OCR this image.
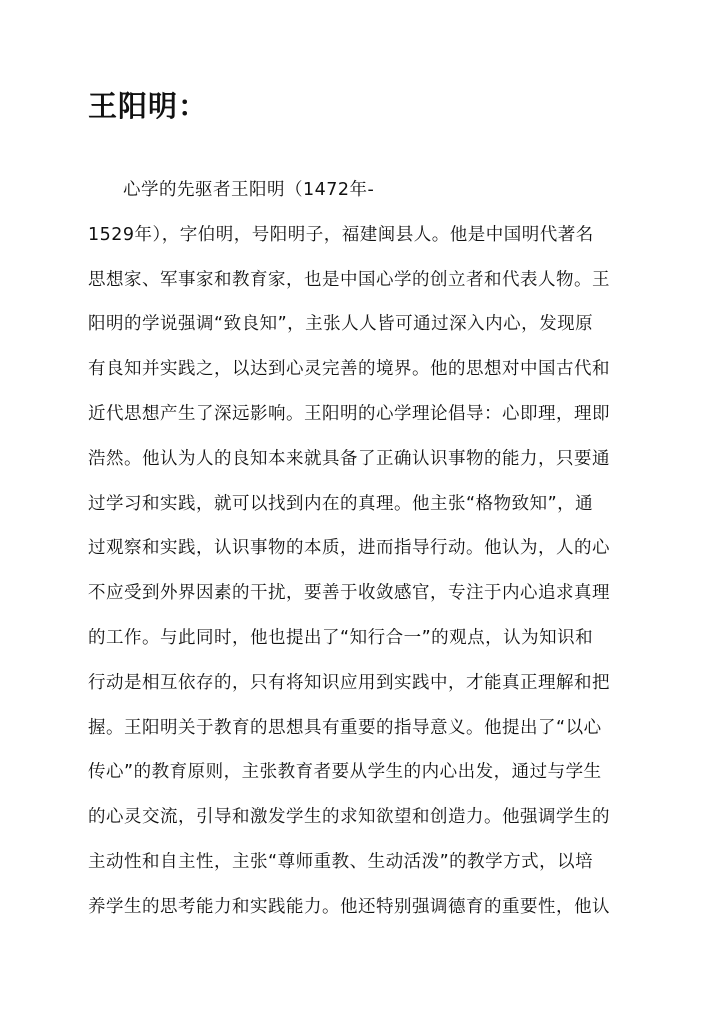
王阳明：
心学的先驱者王阳明（1472年-
1529年），字伯明，号阳明子，福建闽县人。他是中国明代著名
思想家、军事家和教育家，也是中国心学的创立者和代表人物。王
阳明的学说强调“致良知”，主张人人皆可通过深入内心，发现原
有良知并实践之，以达到心灵完善的境界。他的思想对中国古代和
近代思想产生了深远影响。王阳明的心学理论倡导：心即理，理即
浩然。他认为人的良知本来就具备了正确认识事物的能力，只要通
过学习和实践，就可以找到内在的真理。他主张“格物致知”，通
过观察和实践，认识事物的本质，进而指导行动。他认为，人的心
不应受到外界因素的干扰，要善于收敛感官，专注于内心追求真理
的工作。与此同时，他也提出了“知行合一”的观点，认为知识和
行动是相互依存的，只有将知识应用到实践中，才能真正理解和把
握。王阳明关于教育的思想具有重要的指导意义。他提出了“以心
传心”的教育原则，主张教育者要从学生的内心出发，通过与学生
的心灵交流，引导和激发学生的求知欲望和创造力。他强调学生的
主动性和自主性，主张“尊师重教、生动活泼”的教学方式，以培
养学生的思考能力和实践能力。他还特别强调德育的重要性，他认
